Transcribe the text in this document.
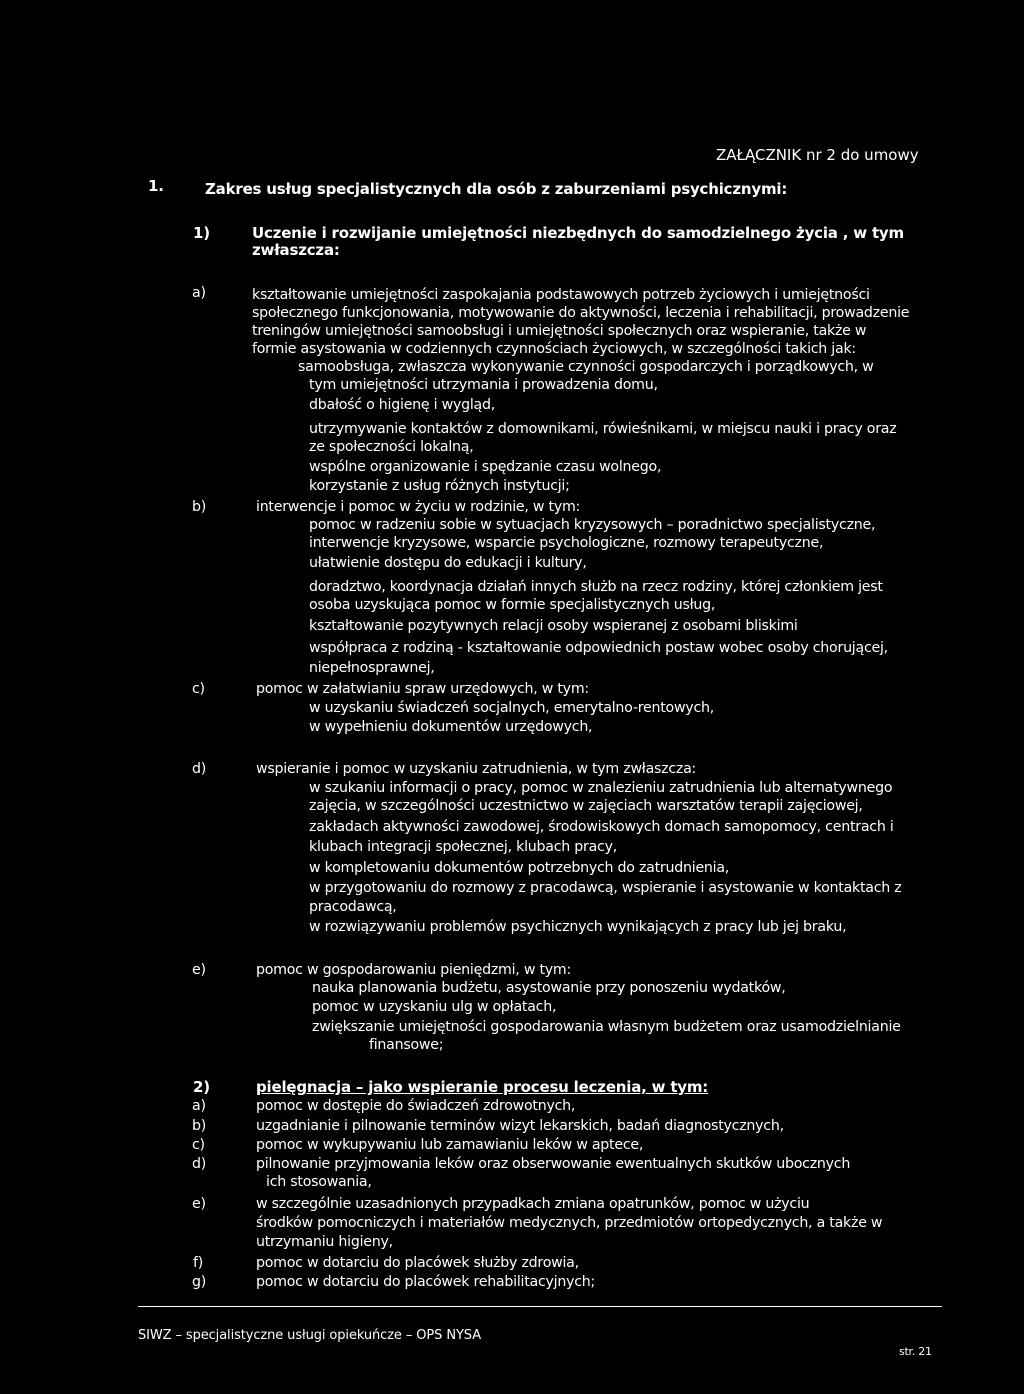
ZAŁĄCZNIK nr 2 do umowy
1.	Zakres usług specjalistycznych dla osób z zaburzeniami psychicznymi:
1)	Uczenie i rozwijanie umiejętności niezbędnych do samodzielnego życia , w tym
zwłaszcza:
a)	kształtowanie umiejętności zaspokajania podstawowych potrzeb życiowych i umiejętności
społecznego funkcjonowania, motywowanie do aktywności, leczenia i rehabilitacji, prowadzenie
treningów umiejętności samoobsługi i umiejętności społecznych oraz wspieranie, także w
formie asystowania w codziennych czynnościach życiowych, w szczególności takich jak:
samoobsługa, zwłaszcza wykonywanie czynności gospodarczych i porządkowych, w
tym umiejętności utrzymania i prowadzenia domu,
dbałość o higienę i wygląd,
utrzymywanie kontaktów z domownikami, rówieśnikami, w miejscu nauki i pracy oraz
ze społeczności lokalną,
wspólne organizowanie i spędzanie czasu wolnego,
korzystanie z usług różnych instytucji;
b)	interwencje i pomoc w życiu w rodzinie, w tym:
pomoc w radzeniu sobie w sytuacjach kryzysowych – poradnictwo specjalistyczne,
interwencje kryzysowe, wsparcie psychologiczne, rozmowy terapeutyczne,
ułatwienie dostępu do edukacji i kultury,
doradztwo, koordynacja działań innych służb na rzecz rodziny, której członkiem jest
osoba uzyskująca pomoc w formie specjalistycznych usług,
kształtowanie pozytywnych relacji osoby wspieranej z osobami bliskimi
współpraca z rodziną - kształtowanie odpowiednich postaw wobec osoby chorującej,
niepełnosprawnej,
c)	pomoc w załatwianiu spraw urzędowych, w tym:
w uzyskaniu świadczeń socjalnych, emerytalno-rentowych,
w wypełnieniu dokumentów urzędowych,
d)	wspieranie i pomoc w uzyskaniu zatrudnienia, w tym zwłaszcza:
w szukaniu informacji o pracy, pomoc w znalezieniu zatrudnienia lub alternatywnego
zajęcia, w szczególności uczestnictwo w zajęciach warsztatów terapii zajęciowej,
zakładach aktywności zawodowej, środowiskowych domach samopomocy, centrach i
klubach integracji społecznej, klubach pracy,
w kompletowaniu dokumentów potrzebnych do zatrudnienia,
w przygotowaniu do rozmowy z pracodawcą, wspieranie i asystowanie w kontaktach z
pracodawcą,
w rozwiązywaniu problemów psychicznych wynikających z pracy lub jej braku,
e)	pomoc w gospodarowaniu pieniędzmi, w tym:
nauka planowania budżetu, asystowanie przy ponoszeniu wydatków,
pomoc w uzyskaniu ulg w opłatach,
zwiększanie umiejętności gospodarowania własnym budżetem oraz usamodzielnianie
finansowe;
2)	pielęgnacja – jako wspieranie procesu leczenia, w tym:
a)	pomoc w dostępie do świadczeń zdrowotnych,
b)	uzgadnianie i pilnowanie terminów wizyt lekarskich, badań diagnostycznych,
c)	pomoc w wykupywaniu lub zamawianiu leków w aptece,
d)	pilnowanie przyjmowania leków oraz obserwowanie ewentualnych skutków ubocznych
ich stosowania,
e)	w szczególnie uzasadnionych przypadkach zmiana opatrunków, pomoc w użyciu
środków pomocniczych i materiałów medycznych, przedmiotów ortopedycznych, a także w
utrzymaniu higieny,
f)	pomoc w dotarciu do placówek służby zdrowia,
g)	pomoc w dotarciu do placówek rehabilitacyjnych;
SIWZ – specjalistyczne usługi opiekuńcze – OPS NYSA
str. 21
